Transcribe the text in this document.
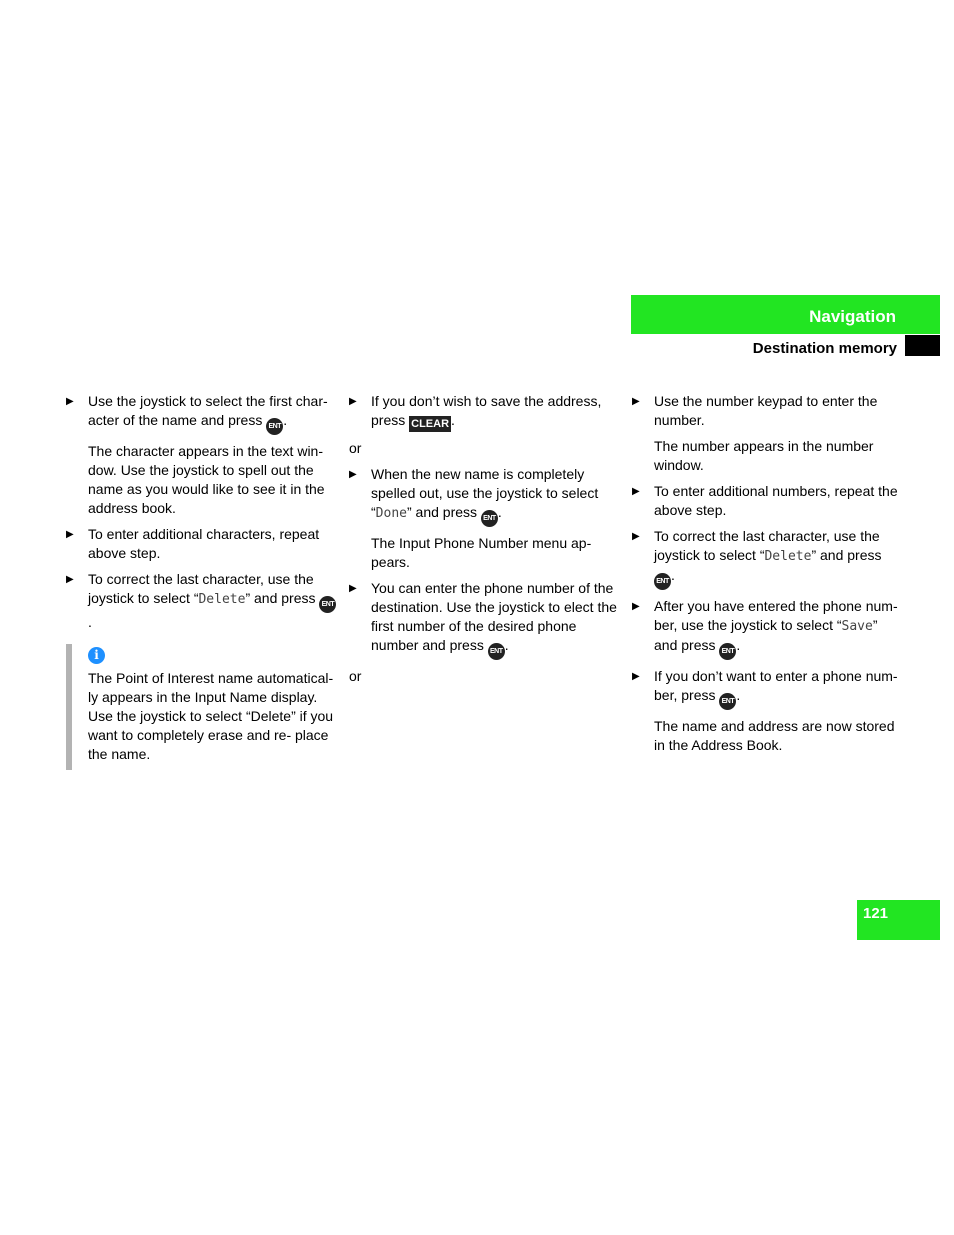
Navigation
Destination memory
▶ Use the joystick to select the first char- acter of the name and press ENT .
The character appears in the text win- dow. Use the joystick to spell out the name as you would like to see it in the address book.
▶ To enter additional characters, repeat above step.
▶ To correct the last character, use the joystick to select “Delete” and press ENT.
i
The Point of Interest name automatical- ly appears in the Input Name display. Use the joystick to select “Delete” if you want to completely erase and re- place the name.
▶ If you don’t wish to save the address, press CLEAR .
or
▶ When the new name is completely spelled out, use the joystick to select “Done” and press ENT .
The Input Phone Number menu ap- pears.
▶ You can enter the phone number of the destination. Use the joystick to elect the first number of the desired phone number and press ENT .
or
▶ Use the number keypad to enter the number.
The number appears in the number window.
▶ To enter additional numbers, repeat the above step.
▶ To correct the last character, use the joystick to select “Delete” and press ENT .
▶ After you have entered the phone num- ber, use the joystick to select “Save” and press ENT .
▶ If you don’t want to enter a phone num- ber, press ENT .
The name and address are now stored in the Address Book.
121
